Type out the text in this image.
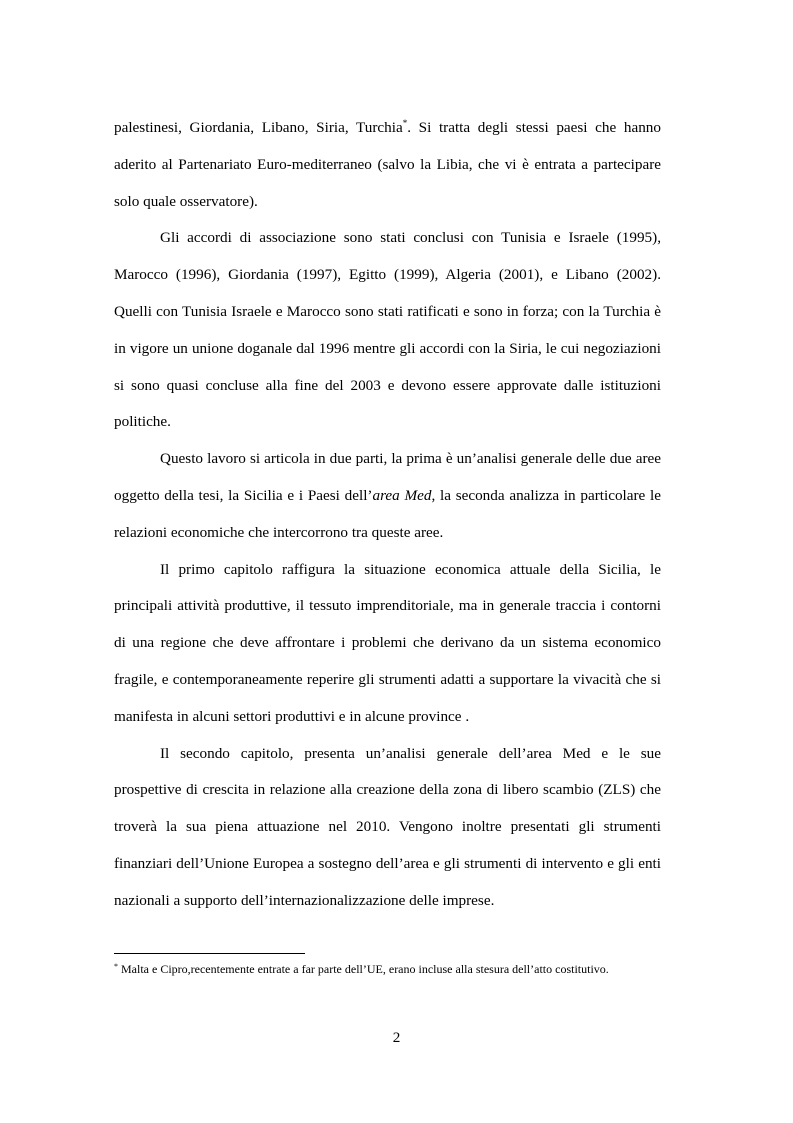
palestinesi, Giordania, Libano, Siria, Turchia*. Si tratta degli stessi paesi che hanno aderito al Partenariato Euro-mediterraneo (salvo la Libia, che vi è entrata a partecipare solo quale osservatore).

Gli accordi di associazione sono stati conclusi con Tunisia e Israele (1995), Marocco (1996), Giordania (1997), Egitto (1999), Algeria (2001), e Libano (2002). Quelli con Tunisia Israele e Marocco sono stati ratificati e sono in forza; con la Turchia è in vigore un unione doganale dal 1996 mentre gli accordi con la Siria, le cui negoziazioni si sono quasi concluse alla fine del 2003 e devono essere approvate dalle istituzioni politiche.

Questo lavoro si articola in due parti, la prima è un’analisi generale delle due aree oggetto della tesi, la Sicilia e i Paesi dell’area Med, la seconda analizza in particolare le relazioni economiche che intercorrono tra queste aree.

Il primo capitolo raffigura la situazione economica attuale della Sicilia, le principali attività produttive, il tessuto imprenditoriale, ma in generale traccia i contorni di una regione che deve affrontare i problemi che derivano da un sistema economico fragile, e contemporaneamente reperire gli strumenti adatti a supportare la vivacità che si manifesta in alcuni settori produttivi e in alcune province .

Il secondo capitolo, presenta un’analisi generale dell’area Med e le sue prospettive di crescita in relazione alla creazione della zona di libero scambio (ZLS) che troverà la sua piena attuazione nel 2010. Vengono inoltre presentati gli strumenti finanziari dell’Unione Europea a sostegno dell’area e gli strumenti di intervento e gli enti nazionali a supporto dell’internazionalizzazione delle imprese.

* Malta e Cipro,recentemente entrate a far parte dell’UE, erano incluse alla stesura dell’atto costitutivo.

2
